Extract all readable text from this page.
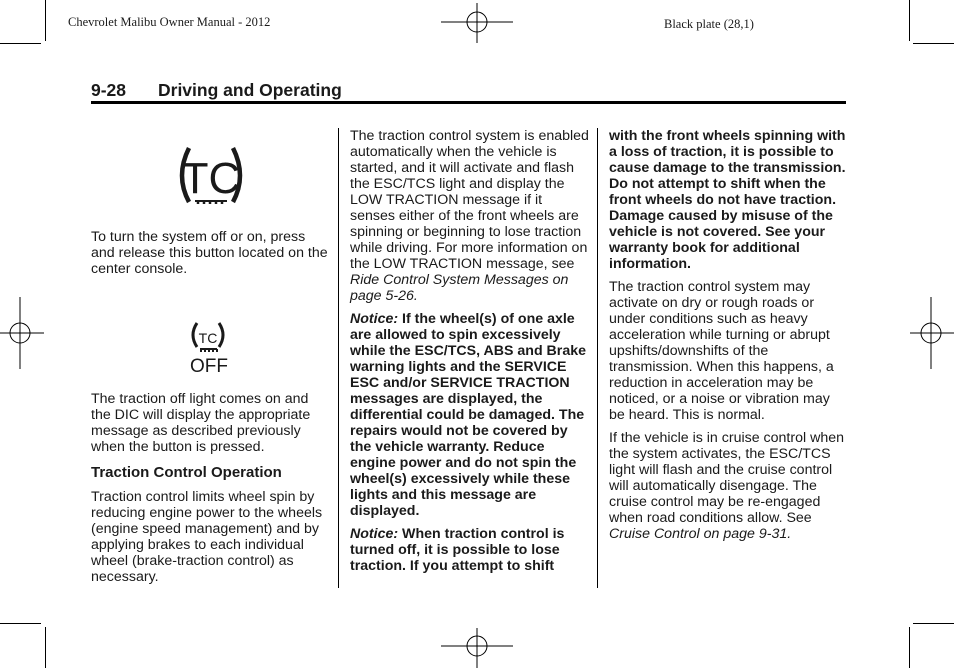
Chevrolet Malibu Owner Manual - 2012	Black plate (28,1)
9-28 Driving and Operating
TC

To turn the system off or on, press and release this button located on the center console.

TC
OFF

The traction off light comes on and the DIC will display the appropriate message as described previously when the button is pressed.

Traction Control Operation

Traction control limits wheel spin by reducing engine power to the wheels (engine speed management) and by applying brakes to each individual wheel (brake-traction control) as necessary.

The traction control system is enabled automatically when the vehicle is started, and it will activate and flash the ESC/TCS light and display the LOW TRACTION message if it senses either of the front wheels are spinning or beginning to lose traction while driving. For more information on the LOW TRACTION message, see Ride Control System Messages on page 5-26.

Notice: If the wheel(s) of one axle are allowed to spin excessively while the ESC/TCS, ABS and Brake warning lights and the SERVICE ESC and/or SERVICE TRACTION messages are displayed, the differential could be damaged. The repairs would not be covered by the vehicle warranty. Reduce engine power and do not spin the wheel(s) excessively while these lights and this message are displayed.

Notice: When traction control is turned off, it is possible to lose traction. If you attempt to shift

with the front wheels spinning with a loss of traction, it is possible to cause damage to the transmission. Do not attempt to shift when the front wheels do not have traction. Damage caused by misuse of the vehicle is not covered. See your warranty book for additional information.

The traction control system may activate on dry or rough roads or under conditions such as heavy acceleration while turning or abrupt upshifts/downshifts of the transmission. When this happens, a reduction in acceleration may be noticed, or a noise or vibration may be heard. This is normal.

If the vehicle is in cruise control when the system activates, the ESC/TCS light will flash and the cruise control will automatically disengage. The cruise control may be re-engaged when road conditions allow. See Cruise Control on page 9-31.
